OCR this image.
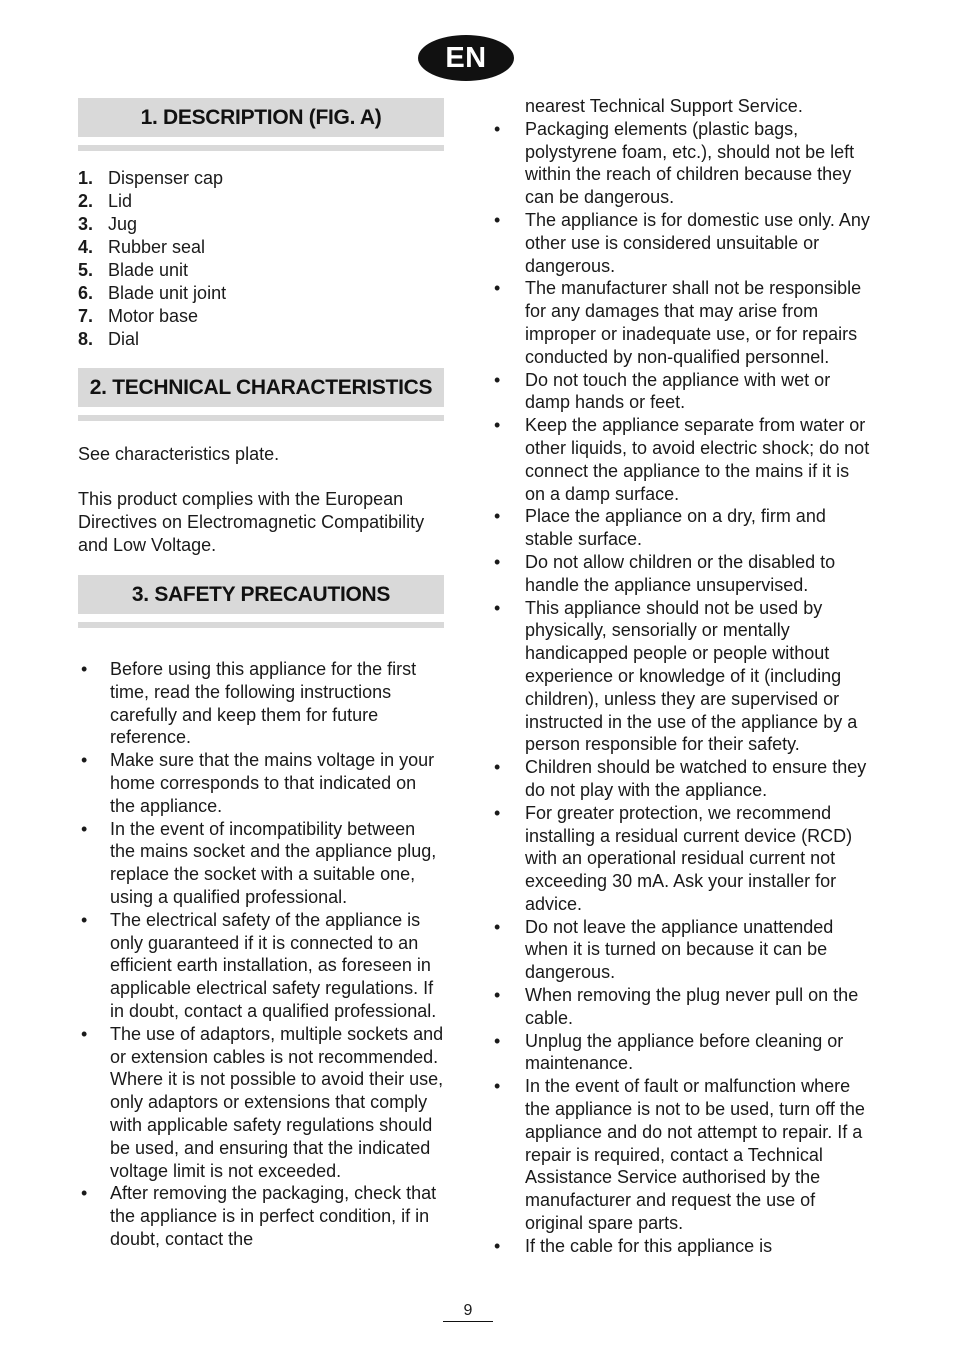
EN
1. DESCRIPTION (FIG. A)
1. Dispenser cap
2. Lid
3. Jug
4. Rubber seal
5. Blade unit
6. Blade unit joint
7. Motor base
8. Dial
2. TECHNICAL CHARACTERISTICS

See characteristics plate.

This product complies with the European Directives on Electromagnetic Compatibility and Low Voltage.

3. SAFETY PRECAUTIONS
• Before using this appliance for the first time, read the following instructions carefully and keep them for future reference.
• Make sure that the mains voltage in your home corresponds to that indicated on the appliance.
• In the event of incompatibility between the mains socket and the appliance plug, replace the socket with a suitable one, using a qualified professional.
• The electrical safety of the appliance is only guaranteed if it is connected to an efficient earth installation, as foreseen in applicable electrical safety regulations. If in doubt, contact a qualified professional.
• The use of adaptors, multiple sockets and or extension cables is not recommended. Where it is not possible to avoid their use, only adaptors or extensions that comply with applicable safety regulations should be used, and ensuring that the indicated voltage limit is not exceeded.
• After removing the packaging, check that the appliance is in perfect condition, if in doubt, contact the
nearest Technical Support Service.
• Packaging elements (plastic bags, polystyrene foam, etc.), should not be left within the reach of children because they can be dangerous.
• The appliance is for domestic use only. Any other use is considered unsuitable or dangerous.
• The manufacturer shall not be responsible for any damages that may arise from improper or inadequate use, or for repairs conducted by non-qualified personnel.
• Do not touch the appliance with wet or damp hands or feet.
• Keep the appliance separate from water or other liquids, to avoid electric shock; do not connect the appliance to the mains if it is on a damp surface.
• Place the appliance on a dry, firm and stable surface.
• Do not allow children or the disabled to handle the appliance unsupervised.
• This appliance should not be used by physically, sensorially or mentally handicapped people or people without experience or knowledge of it (including children), unless they are supervised or instructed in the use of the appliance by a person responsible for their safety.
• Children should be watched to ensure they do not play with the appliance.
• For greater protection, we recommend installing a residual current device (RCD) with an operational residual current not exceeding 30 mA. Ask your installer for advice.
• Do not leave the appliance unattended when it is turned on because it can be dangerous.
• When removing the plug never pull on the cable.
• Unplug the appliance before cleaning or maintenance.
• In the event of fault or malfunction where the appliance is not to be used, turn off the appliance and do not attempt to repair. If a repair is required, contact a Technical Assistance Service authorised by the manufacturer and request the use of original spare parts.
• If the cable for this appliance is
9
